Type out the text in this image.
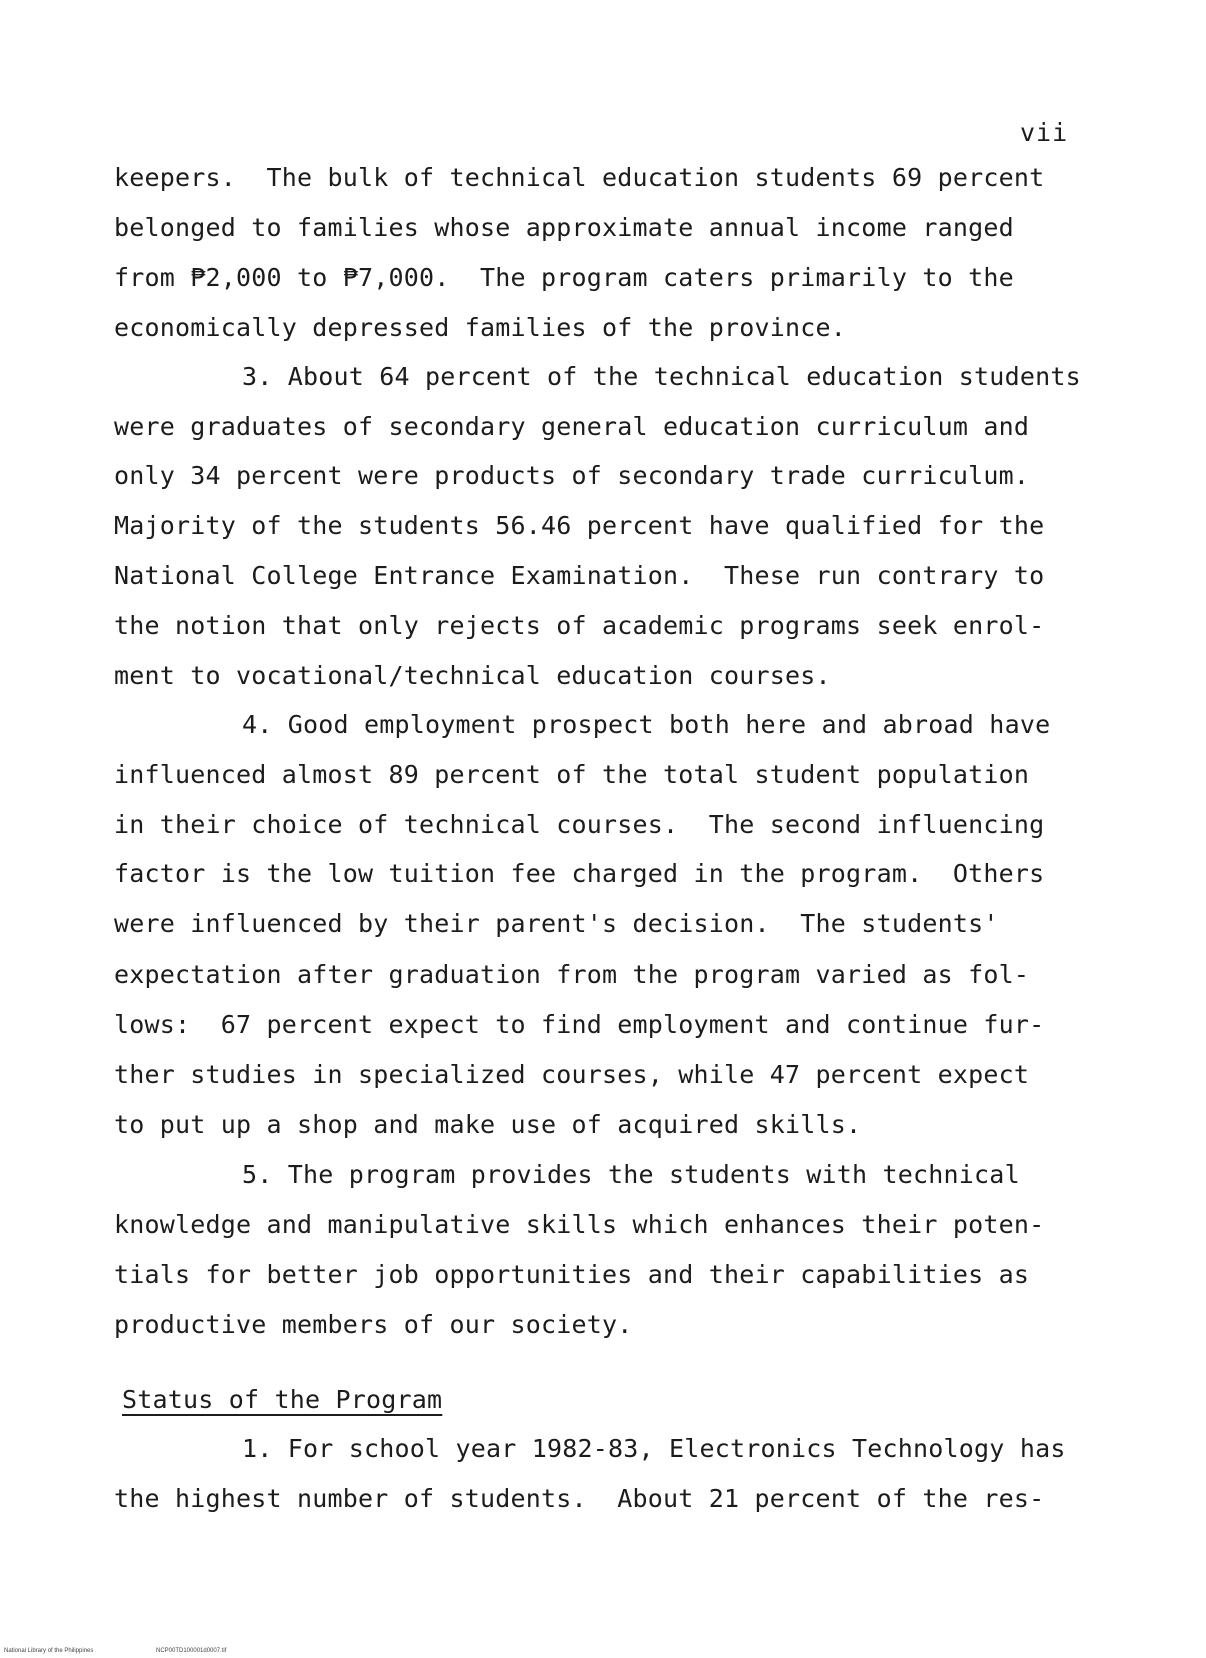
vii
keepers.  The bulk of technical education students 69 percent
belonged to families whose approximate annual income ranged
from ₱2,000 to ₱7,000.  The program caters primarily to the
economically depressed families of the province.
3. About 64 percent of the technical education students
were graduates of secondary general education curriculum and
only 34 percent were products of secondary trade curriculum.
Majority of the students 56.46 percent have qualified for the
National College Entrance Examination.  These run contrary to
the notion that only rejects of academic programs seek enrol-
ment to vocational/technical education courses.
4. Good employment prospect both here and abroad have
influenced almost 89 percent of the total student population
in their choice of technical courses.  The second influencing
factor is the low tuition fee charged in the program.  Others
were influenced by their parent's decision.  The students'
expectation after graduation from the program varied as fol-
lows:  67 percent expect to find employment and continue fur-
ther studies in specialized courses, while 47 percent expect
to put up a shop and make use of acquired skills.
5. The program provides the students with technical
knowledge and manipulative skills which enhances their poten-
tials for better job opportunities and their capabilities as
productive members of our society.
Status of the Program
1. For school year 1982-83, Electronics Technology has
the highest number of students.  About 21 percent of the res-
National Library of the Philippines	NCP00TD100001d0007.tif
